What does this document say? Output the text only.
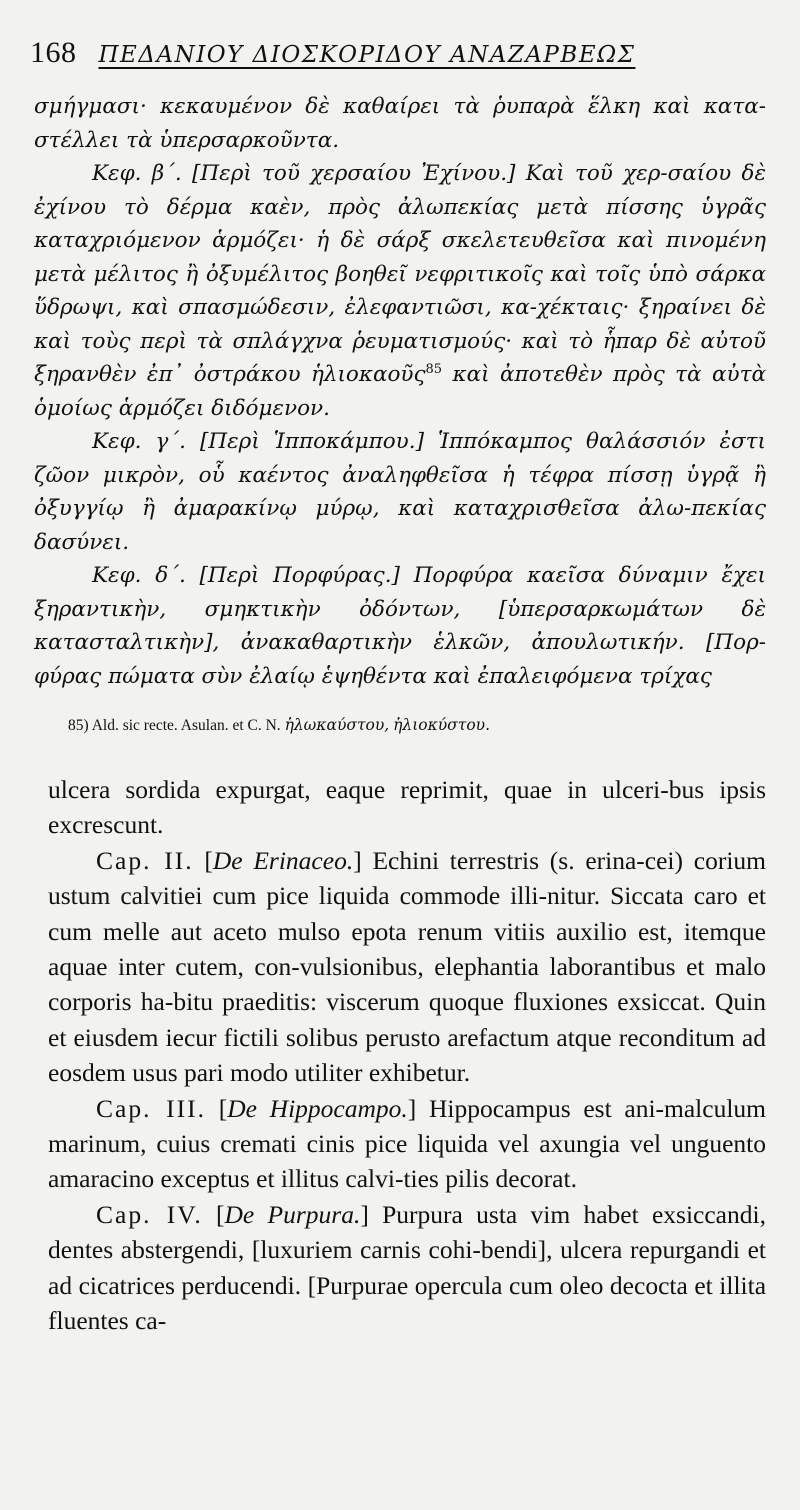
168 ΠΕΔΑΝΙΟΥ ΔΙΟΣΚΟΡΙΔΟΥ ΑΝΑΖΑΡΒΕΩΣ

σμήγμασι· κεκαυμένον δὲ καθαίρει τὰ ῥυπαρὰ ἕλκη καὶ κατα-στέλλει τὰ ὑπερσαρκοῦντα.

Κεφ. β΄. [Περὶ τοῦ χερσαίου Ἐχίνου.] Καὶ τοῦ χερ-σαίου δὲ ἐχίνου τὸ δέρμα καὲν, πρὸς ἀλωπεκίας μετὰ πίσσης ὑγρᾶς καταχριόμενον ἁρμόζει· ἡ δὲ σάρξ σκελετευθεῖσα καὶ πινομένη μετὰ μέλιτος ἢ ὀξυμέλιτος βοηθεῖ νεφριτικοῖς καὶ τοῖς ὑπὸ σάρκα ὕδρωψι, καὶ σπασμώδεσιν, ἐλεφαντιῶσι, κα-χέκταις· ξηραίνει δὲ καὶ τοὺς περὶ τὰ σπλάγχνα ῥευματισμούς· καὶ τὸ ἧπαρ δὲ αὐτοῦ ξηρανθὲν ἐπ᾽ ὀστράκου ἡλιοκαοῦς$^{85}$ καὶ ἀποτεθὲν πρὸς τὰ αὐτὰ ὁμοίως ἁρμόζει διδόμενον.

Κεφ. γ΄. [Περὶ Ἱπποκάμπου.] Ἱππόκαμπος θαλάσσιόν ἐστι ζῶον μικρὸν, οὗ καέντος ἀναληφθεῖσα ἡ τέφρα πίσσῃ ὑγρᾷ ἢ ὀξυγγίῳ ἢ ἀμαρακίνῳ μύρῳ, καὶ καταχρισθεῖσα ἀλω-πεκίας δασύνει.

Κεφ. δ΄. [Περὶ Πορφύρας.] Πορφύρα καεῖσα δύναμιν ἔχει ξηραντικὴν, σμηκτικὴν ὀδόντων, [ὑπερσαρκωμάτων δὲ κατασταλτικὴν], ἀνακαθαρτικὴν ἑλκῶν, ἀπουλωτικήν. [Πορ-φύρας πώματα σὺν ἐλαίῳ ἑψηθέντα καὶ ἐπαλειφόμενα τρίχας

85) Ald. sic recte. Asulan. et C. N. ἡλωκαύστου, ἡλιοκύστου.

ulcera sordida expurgat, eaque reprimit, quae in ulceri-bus ipsis excrescunt.

Cap. II. [De Erinaceo.] Echini terrestris (s. erina-cei) corium ustum calvitiei cum pice liquida commode illi-nitur. Siccata caro et cum melle aut aceto mulso epota renum vitiis auxilio est, itemque aquae inter cutem, con-vulsionibus, elephantia laborantibus et malo corporis ha-bitu praeditis: viscerum quoque fluxiones exsiccat. Quin et eiusdem iecur fictili solibus perusto arefactum atque reconditum ad eosdem usus pari modo utiliter exhibetur.

Cap. III. [De Hippocampo.] Hippocampus est ani-malculum marinum, cuius cremati cinis pice liquida vel axungia vel unguento amaracino exceptus et illitus calvi-ties pilis decorat.

Cap. IV. [De Purpura.] Purpura usta vim habet exsiccandi, dentes abstergendi, [luxuriem carnis cohi-bendi], ulcera repurgandi et ad cicatrices perducendi. [Purpurae opercula cum oleo decocta et illita fluentes ca-
